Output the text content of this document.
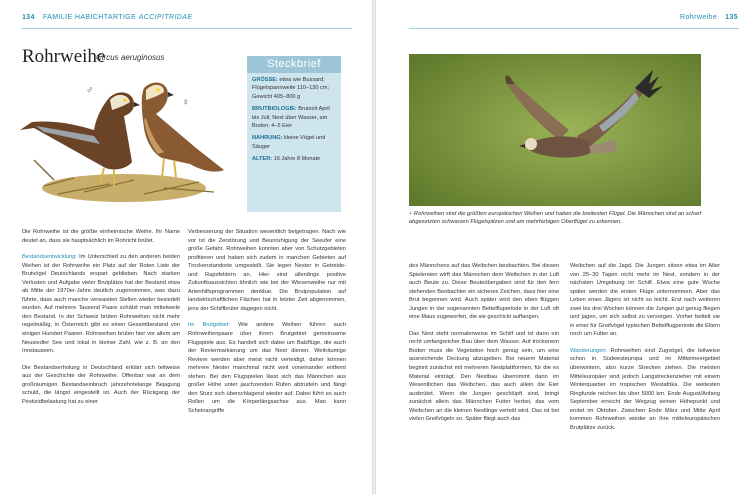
134 FAMILIE HABICHTARTIGE ACCIPITRIDAE
Rohrweihe
Circus aeruginosus
♂
♀
Steckbrief

GRÖSSE: etwa wie Bussard; Flügelspannweite 110–130 cm; Gewicht 405–800 g

BRUTBIOLOGIE: Brutzeit April bis Juli; Nest über Wasser, am Boden; 4–5 Eier

NAHRUNG: kleine Vögel und Säuger

ALTER: 16 Jahre 8 Monate

Die Rohrweihe ist die größte einheimische Weihe. Ihr Name deutet an, dass sie hauptsächlich im Rohricht brütet.

Bestandsentwicklung: Im Unterschied zu den anderen beiden Weihen ist der Rohrweihe ein Platz auf der Roten Liste der Brutvögel Deutschlands erspart geblieben. Nach starken Verlusten und Aufgabe vieler Brutplätze hat der Bestand etwa ab Mitte der 1970er-Jahre deutlich zugenommen, was dazu führte, dass auch manche verwaisten Stellen wieder besiedelt wurden. Auf mehrere Tausend Paare schätzt man mittelweile den Bestand. In der Schweiz brüten Rohrweihen nicht mehr regelmäßig, in Österreich gibt es einen Gesamtbestand von einigen Hundert Paaren. Rohrweihen brüten hier vor allem am Neusiedler See und lokal in kleiner Zahl, wie z. B. an den Innstauseen.

Die Bestandserholung in Deutschland erklärt sich teilweise aus der Geschichte der Rohrweihe. Offenbar war an dem großräumigen Bestandseinbruch jahrzehntelange Bejagung schuld, die längst eingestellt ist. Auch der Rückgang der Pestizidbelastung hat zu einer

Verbesserung der Situation wesentlich beigetragen. Nach wie vor ist die Zerstörung und Beunruhigung der Seeufer eine große Gefahr. Rohrweihen konnten aber von Schutzgebieten profitieren und haben sich zudem in manchen Gebieten auf Trockenstandorte umgestellt. Sie legen Nester in Getreide- und Rapsfeldern an. Hier sind allerdings positive Zukunftsaussichten ähnlich wie bei der Wiesenweihe nur mit Artenhilfsprogrammen denkbar. Die Brutpopulation auf landwirtschaftlichen Flächen hat in letzter Zeit abgenommen, jene der Schilfbrüter dagegen nicht.

Im Brutgebiet: Wie andere Weihen führen auch Rohrweihenpaare über ihrem Brutgebiet gemeinsame Flugspiele aus. Es handelt sich dabei um Balzflüge, die auch der Reviermarkierung um das Nest dienen. Weiträumige Reviere werden aber meist nicht verteidigt, daher können mehrere Nester manchmal nicht weit voneinander entfernt stehen. Bei den Flugspielen lässt sich das Männchen aus großer Höhe unter jauchzenden Rufen abtrudeln und fängt den Sturz sich überschlagend wieder auf. Dabei führt es auch Rollen um die Körperlängsachse aus. Man kann Scheinangriffe

Rohrweihe 135
+ Rohrweihen sind die größten europäischen Weihen und haben die breitesten Flügel. Die Männchen sind an scharf abgesetzten schwarzen Flügelspitzen und am mehrfarbigen Oberflügel zu erkennen.

des Männchens auf das Weibchen beobachten. Bei diesen Spielereien wirft das Männchen dem Weibchen in der Luft auch Beute zu. Diese Beuteübergaben sind für den fern stehenden Beobachter ein sicheres Zeichen, dass hier eine Brut begonnen wird. Auch später wird den eben flüggen Jungen in der sogenannten Bettelfluperiode in der Luft oft eine Maus zugeworfen, die sie geschickt auffangen.

Das Nest steht normalerweise im Schilf und ist dann ein recht umfangreicher Bau über dem Wasser. Auf trockenem Boden muss die Vegetation hoch genug sein, um eine ausreichende Deckung abzugeben. Bei neuem Material beginnt zunächst mit mehreren Nestplattformen, für die es Material einträgt. Den Nestbau übernimmt dann im Wesentlichen das Weibchen, das auch allein die Eier ausbrütet. Wenn die Jungen geschlüpft sind, bringt zunächst allein das Männchen Futter herbei, das vom Weibchen an die kleinen Nestlinge verteilt wird. Das ist bei vielen Greifvögeln so. Später fliegt auch das

Weibchen auf die Jagd. Die Jungen sitzen etwa im Alter von 25–30 Tagen nicht mehr im Nest, sondern in der nächsten Umgebung im Schilf. Etwa eine gute Woche später werden die ersten Flüge unternommen. Aber das Leben eines Jägers ist nicht so leicht. Erst nach weiteren zwei bis drei Wochen können die Jungen gut genug fliegen und jagen, um sich selbst zu versorgen. Vorher bettelt sie in einer für Greifvögel typischen Bettelflugperiode die Eltern noch um Futter an.

Wanderungen: Rohrweihen sind Zugvögel, die teilweise schon in Südwesteuropa und im Mittelmeergebiet überwintern, also kurze Strecken ziehen. Die meisten Mitteleuropäer sind jedoch Langstreckenzieher mit einem Winterquartier im tropischen Westafrika. Die weitesten Ringfunde reichen bis über 5000 km. Ende August/Anfang September erreicht der Wegzug seinen Höhepunkt und endet im Oktober. Zwischen Ende März und Mitte April kommen Rohrweihen wieder an ihre mitteleuropäischen Brutplätze zurück.
